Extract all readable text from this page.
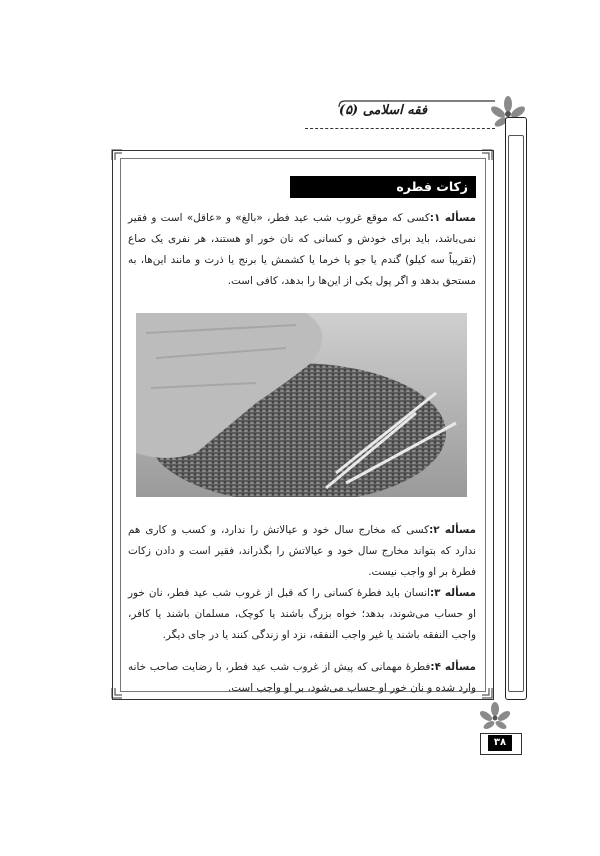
فقه اسلامی (۵)
زکات فطره
مسأله ۱:کسی که موقع غروب شب عید فطر، «بالغ» و «عاقل» است و فقیر نمی‌باشد، باید برای خودش و کسانی که نان خور او هستند، هر نفری یک صاع (تقریباً سه کیلو) گندم یا جو یا خرما یا کشمش یا برنج یا ذرت و مانند این‌ها، به مستحق بدهد و اگر پول یکی از این‌ها را بدهد، کافی است.
مسأله ۲:کسی که مخارج سال خود و عیالاتش را ندارد، و کسب و کاری هم ندارد که بتواند مخارج سال خود و عیالاتش را بگذراند، فقیر است و دادن زکات فطرهٔ بر او واجب نیست.
مسأله ۳:انسان باید فطرهٔ کسانی را که قبل از غروب شب عید فطر، نان خور او حساب می‌شوند، بدهد؛ خواه بزرگ باشند یا کوچک، مسلمان باشند یا کافر، واجب النفقه باشند یا غیر واجب النفقه، نزد او زندگی کنند یا در جای دیگر.
مسأله ۴:فطرهٔ مهمانی که پیش از غروب شب عید فطر، با رضایت صاحب خانه وارد شده و نان خور او حساب می‌شود، بر او واجب است.
۳۸
